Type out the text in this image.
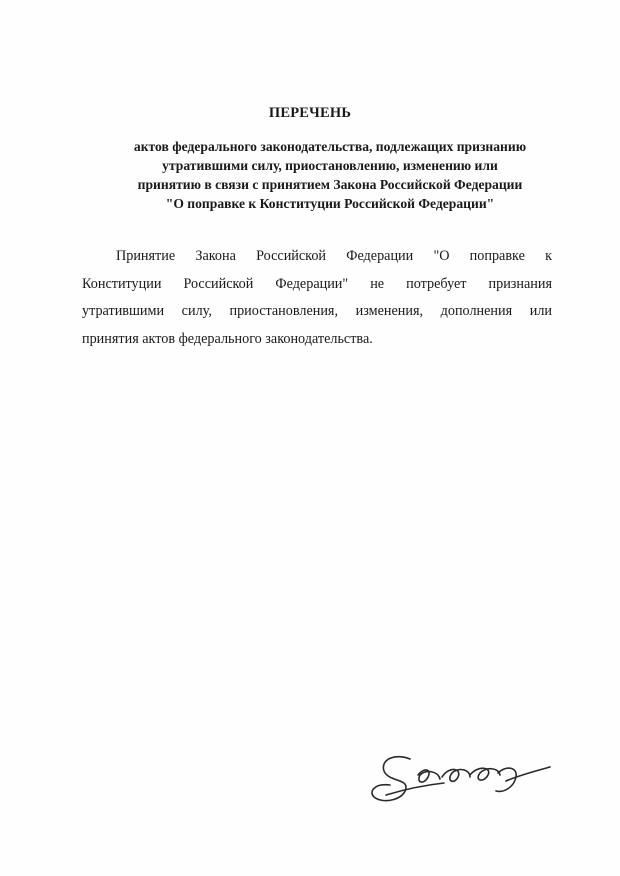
ПЕРЕЧЕНЬ
актов федерального законодательства, подлежащих признанию
утратившими силу, приостановлению, изменению или
принятию в связи с принятием Закона Российской Федерации
"О поправке к Конституции Российской Федерации"
Принятие Закона Российской Федерации "О поправке к
Конституции Российской Федерации" не потребует признания
утратившими силу, приостановления, изменения, дополнения или
принятия актов федерального законодательства.
